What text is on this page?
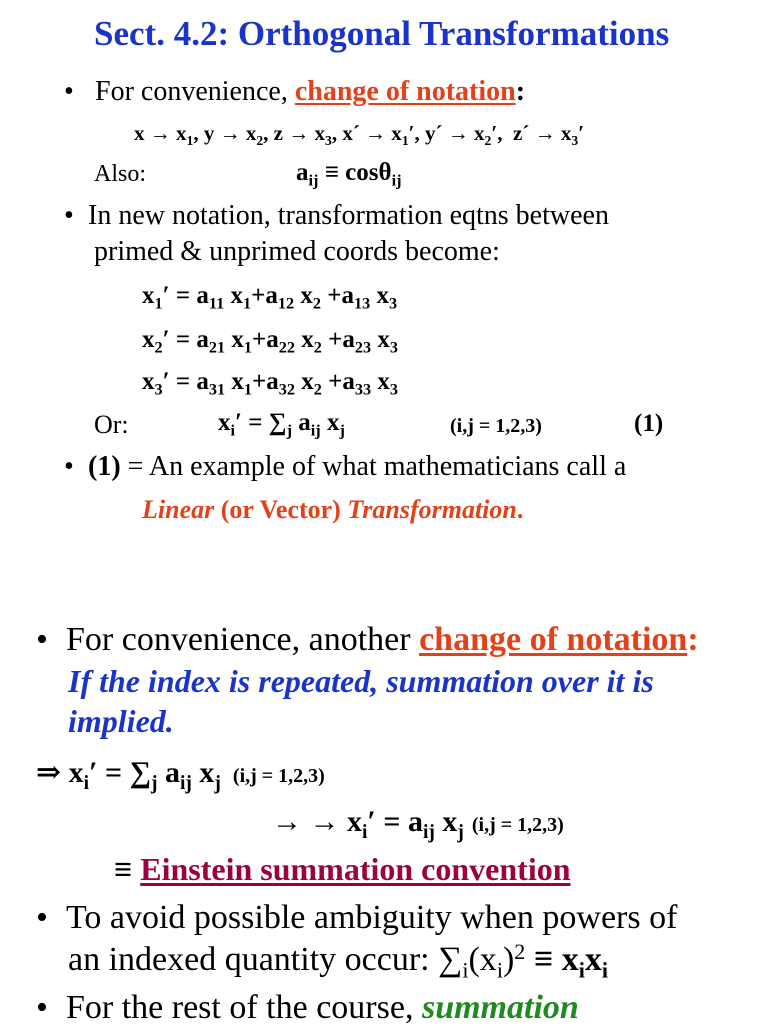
Sect. 4.2: Orthogonal Transformations
• For convenience, change of notation:
$x \to x_1$, $y \to x_2$, $z \to x_3$, x´ → $x_1'$, y´ → $x_2'$,  z´ → $x_3'$
Also:	$a_{ij} \equiv \cos\theta_{ij}$
• In new notation, transformation eqtns between
primed & unprimed coords become:
$x_1' = a_{11}$ $x_1+a_{12}$ $x_2 +a_{13}$ $x_3$
$x_2' = a_{21}$ $x_1+a_{22}$ $x_2 +a_{23}$ $x_3$
$x_3' = a_{31}$ $x_1+a_{32}$ $x_2 +a_{33}$ $x_3$
Or:	$x_i' = \sum_j$ $a_{ij}$ $x_j$	(i,j = 1,2,3)	(1)
• (1) = An example of what mathematicians call a
Linear (or Vector) Transformation.
• For convenience, another change of notation:
If the index is repeated, summation over it is
implied.
⇒ $x_i' = \sum_j$ $a_{ij}$ $x_j$ (i,j = 1,2,3)
→ → $x_i' = a_{ij}$ $x_j$ (i,j = 1,2,3)
≡ Einstein summation convention
• To avoid possible ambiguity when powers of
an indexed quantity occur: $\sum_i(x_i)^2 \equiv x_ix_i$
• For the rest of the course, summation
